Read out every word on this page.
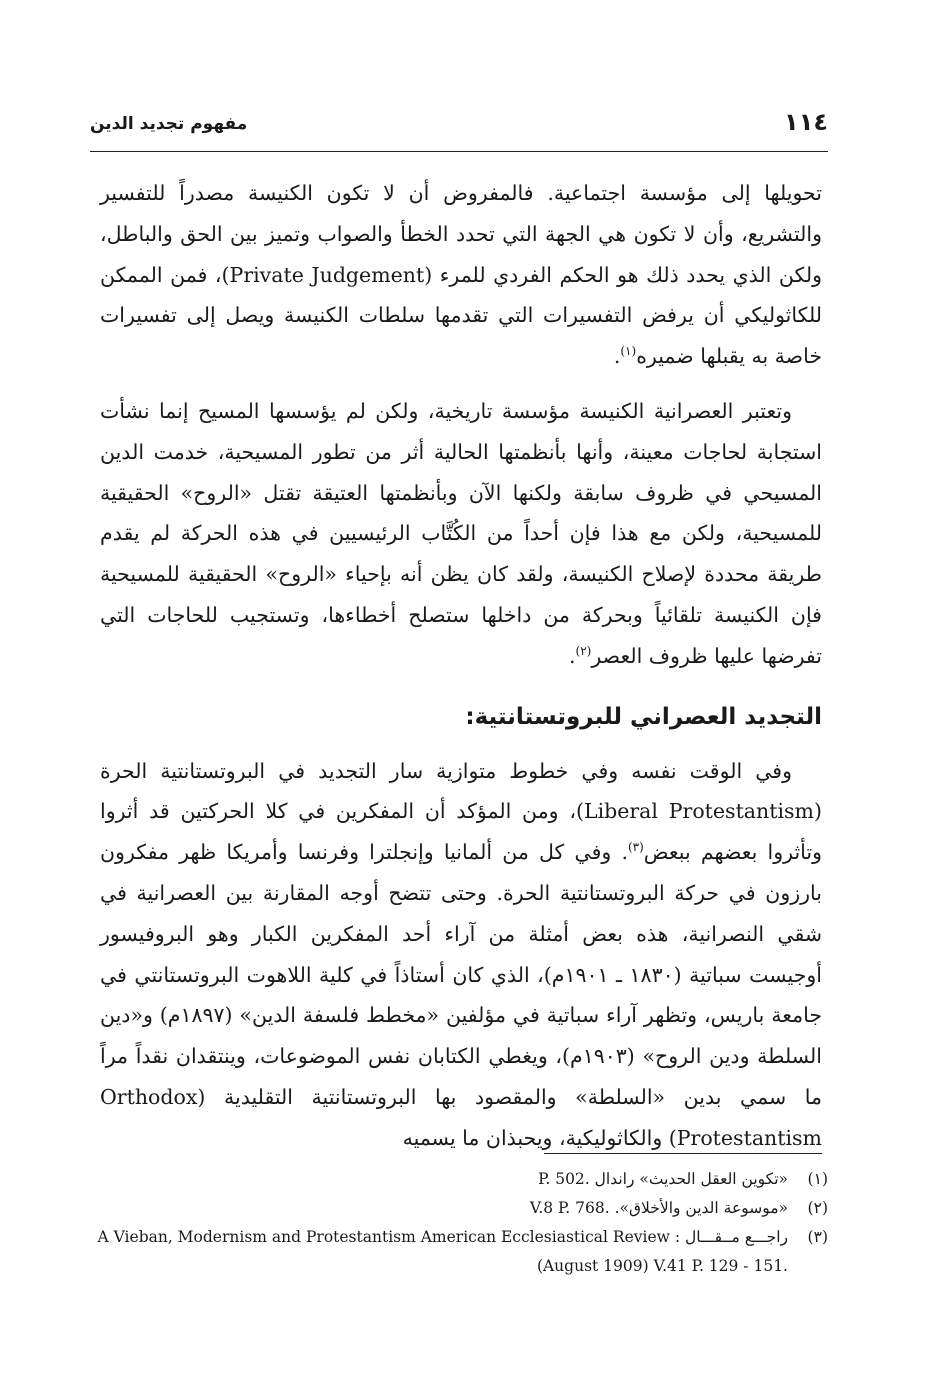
١١٤
مفهوم تجديد الدين

تحويلها إلى مؤسسة اجتماعية. فالمفروض أن لا تكون الكنيسة مصدراً للتفسير والتشريع، وأن لا تكون هي الجهة التي تحدد الخطأ والصواب وتميز بين الحق والباطل، ولكن الذي يحدد ذلك هو الحكم الفردي للمرء (Private Judgement)، فمن الممكن للكاثوليكي أن يرفض التفسيرات التي تقدمها سلطات الكنيسة ويصل إلى تفسيرات خاصة به يقبلها ضميره$^{(١)}$.

وتعتبر العصرانية الكنيسة مؤسسة تاريخية، ولكن لم يؤسسها المسيح إنما نشأت استجابة لحاجات معينة، وأنها بأنظمتها الحالية أثر من تطور المسيحية، خدمت الدين المسيحي في ظروف سابقة ولكنها الآن وبأنظمتها العتيقة تقتل «الروح» الحقيقية للمسيحية، ولكن مع هذا فإن أحداً من الكُتَّاب الرئيسيين في هذه الحركة لم يقدم طريقة محددة لإصلاح الكنيسة، ولقد كان يظن أنه بإحياء «الروح» الحقيقية للمسيحية فإن الكنيسة تلقائياً وبحركة من داخلها ستصلح أخطاءها، وتستجيب للحاجات التي تفرضها عليها ظروف العصر$^{(٢)}$.

التجديد العصراني للبروتستانتية:

وفي الوقت نفسه وفي خطوط متوازية سار التجديد في البروتستانتية الحرة (Liberal Protestantism)، ومن المؤكد أن المفكرين في كلا الحركتين قد أثروا وتأثروا بعضهم ببعض$^{(٣)}$. وفي كل من ألمانيا وإنجلترا وفرنسا وأمريكا ظهر مفكرون بارزون في حركة البروتستانتية الحرة. وحتى تتضح أوجه المقارنة بين العصرانية في شقي النصرانية، هذه بعض أمثلة من آراء أحد المفكرين الكبار وهو البروفيسور أوجيست سباتية (١٨٣٠ ـ ١٩٠١م)، الذي كان أستاذاً في كلية اللاهوت البروتستانتي في جامعة باريس، وتظهر آراء سباتية في مؤلفين «مخطط فلسفة الدين» (١٨٩٧م) و«دين السلطة ودين الروح» (١٩٠٣م)، ويغطي الكتابان نفس الموضوعات، وينتقدان نقداً مراً ما سمي بدين «السلطة» والمقصود بها البروتستانتية التقليدية (Orthodox Protestantism) والكاثوليكية، ويحبذان ما يسميه

(١)«تكوين العقل الحديث» راندال P. 502.

(٢)«موسوعة الدين والأخلاق». V.8 P. 768.

(٣)راجـــع مــقـــال : A Vieban, Modernism and Protestantism American Ecclesiastical Review

(August 1909) V.41 P. 129 - 151.
